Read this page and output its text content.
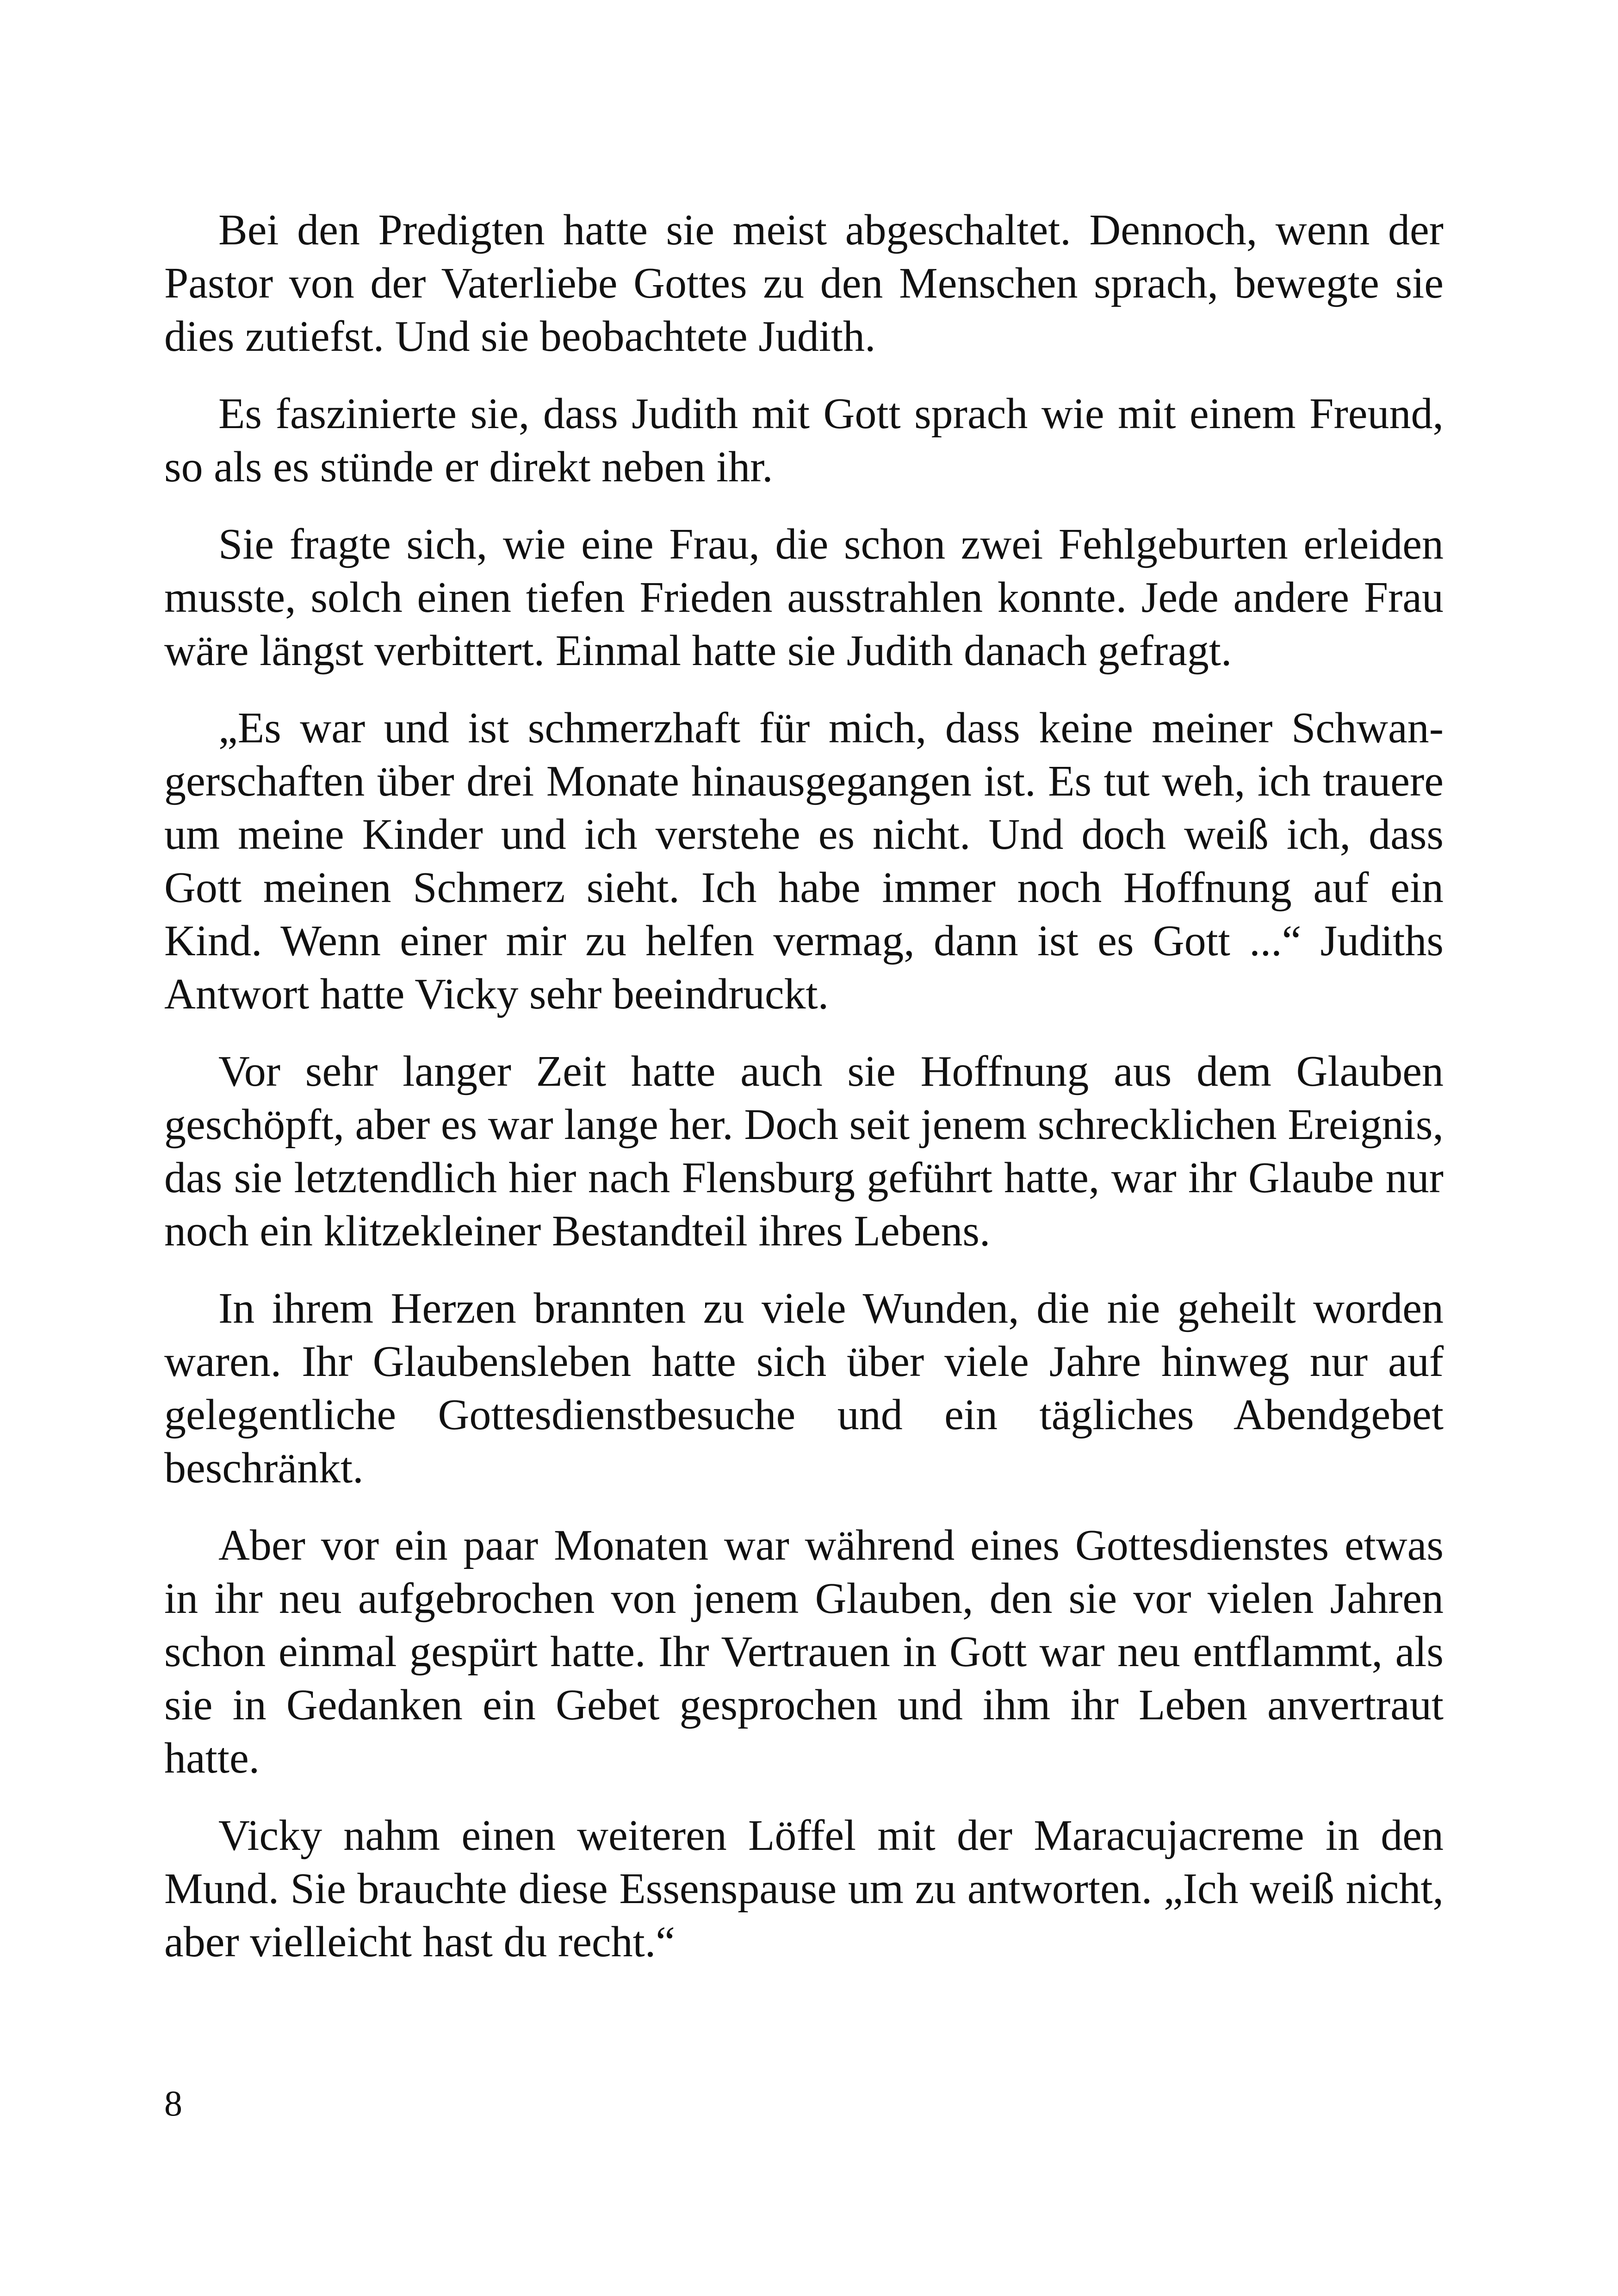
Bei den Predigten hatte sie meist abgeschaltet. Dennoch, wenn der Pastor von der Vaterliebe Gottes zu den Menschen sprach, bewegte sie dies zutiefst. Und sie beobachtete Judith.

Es faszinierte sie, dass Judith mit Gott sprach wie mit einem Freund, so als es stünde er direkt neben ihr.

Sie fragte sich, wie eine Frau, die schon zwei Fehlgeburten erleiden musste, solch einen tiefen Frieden ausstrahlen konnte. Jede andere Frau wäre längst verbittert. Einmal hatte sie Judith danach gefragt.

„Es war und ist schmerzhaft für mich, dass keine meiner Schwangerschaften über drei Monate hinausgegangen ist. Es tut weh, ich trauere um meine Kinder und ich verstehe es nicht. Und doch weiß ich, dass Gott meinen Schmerz sieht. Ich habe immer noch Hoffnung auf ein Kind. Wenn einer mir zu helfen vermag, dann ist es Gott ...“ Judiths Antwort hatte Vicky sehr beeindruckt.

Vor sehr langer Zeit hatte auch sie Hoffnung aus dem Glauben geschöpft, aber es war lange her. Doch seit jenem schrecklichen Ereignis, das sie letztendlich hier nach Flensburg geführt hatte, war ihr Glaube nur noch ein klitzekleiner Bestandteil ihres Lebens.

In ihrem Herzen brannten zu viele Wunden, die nie geheilt worden waren. Ihr Glaubensleben hatte sich über viele Jahre hinweg nur auf gelegentliche Gottesdienstbesuche und ein tägliches Abendgebet beschränkt.

Aber vor ein paar Monaten war während eines Gottesdienstes etwas in ihr neu aufgebrochen von jenem Glauben, den sie vor vielen Jahren schon einmal gespürt hatte. Ihr Vertrauen in Gott war neu entflammt, als sie in Gedanken ein Gebet gesprochen und ihm ihr Leben anvertraut hatte.

Vicky nahm einen weiteren Löffel mit der Maracujacreme in den Mund. Sie brauchte diese Essenspause um zu antworten. „Ich weiß nicht, aber vielleicht hast du recht.“

8
